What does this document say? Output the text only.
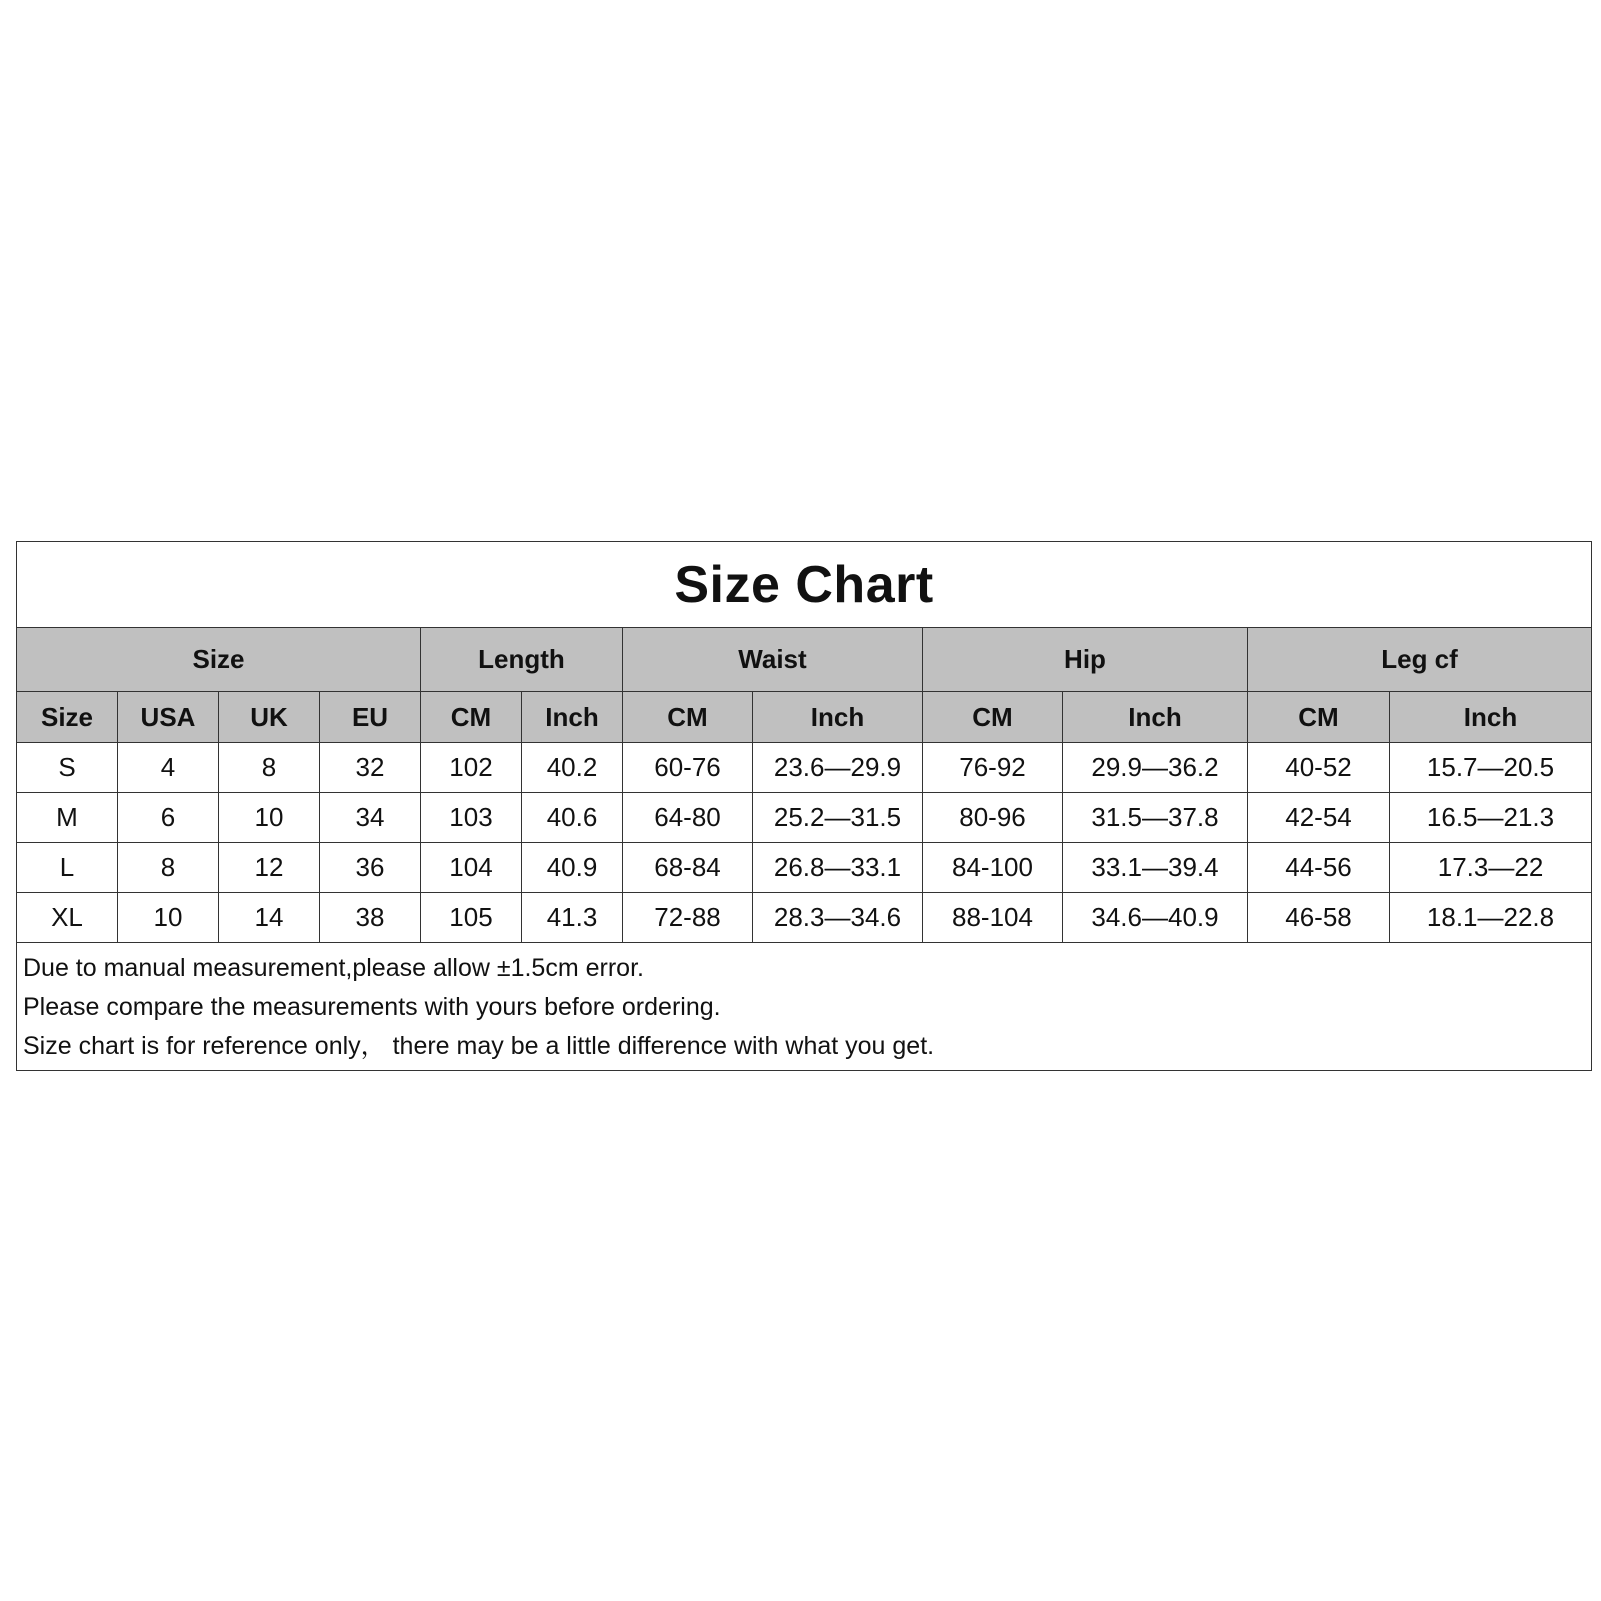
Size Chart											
Size				Length		Waist		Hip		Leg cf	
Size	USA	UK	EU	CM	Inch	CM	Inch	CM	Inch	CM	Inch
S	4	8	32	102	40.2	60-76	23.6—29.9	76-92	29.9—36.2	40-52	15.7—20.5
M	6	10	34	103	40.6	64-80	25.2—31.5	80-96	31.5—37.8	42-54	16.5—21.3
L	8	12	36	104	40.9	68-84	26.8—33.1	84-100	33.1—39.4	44-56	17.3—22
XL	10	14	38	105	41.3	72-88	28.3—34.6	88-104	34.6—40.9	46-58	18.1—22.8

Due to manual measurement,please allow ±1.5cm error.
Please compare the measurements with yours before ordering.
Size chart is for reference only， there may be a little difference with what you get.											
